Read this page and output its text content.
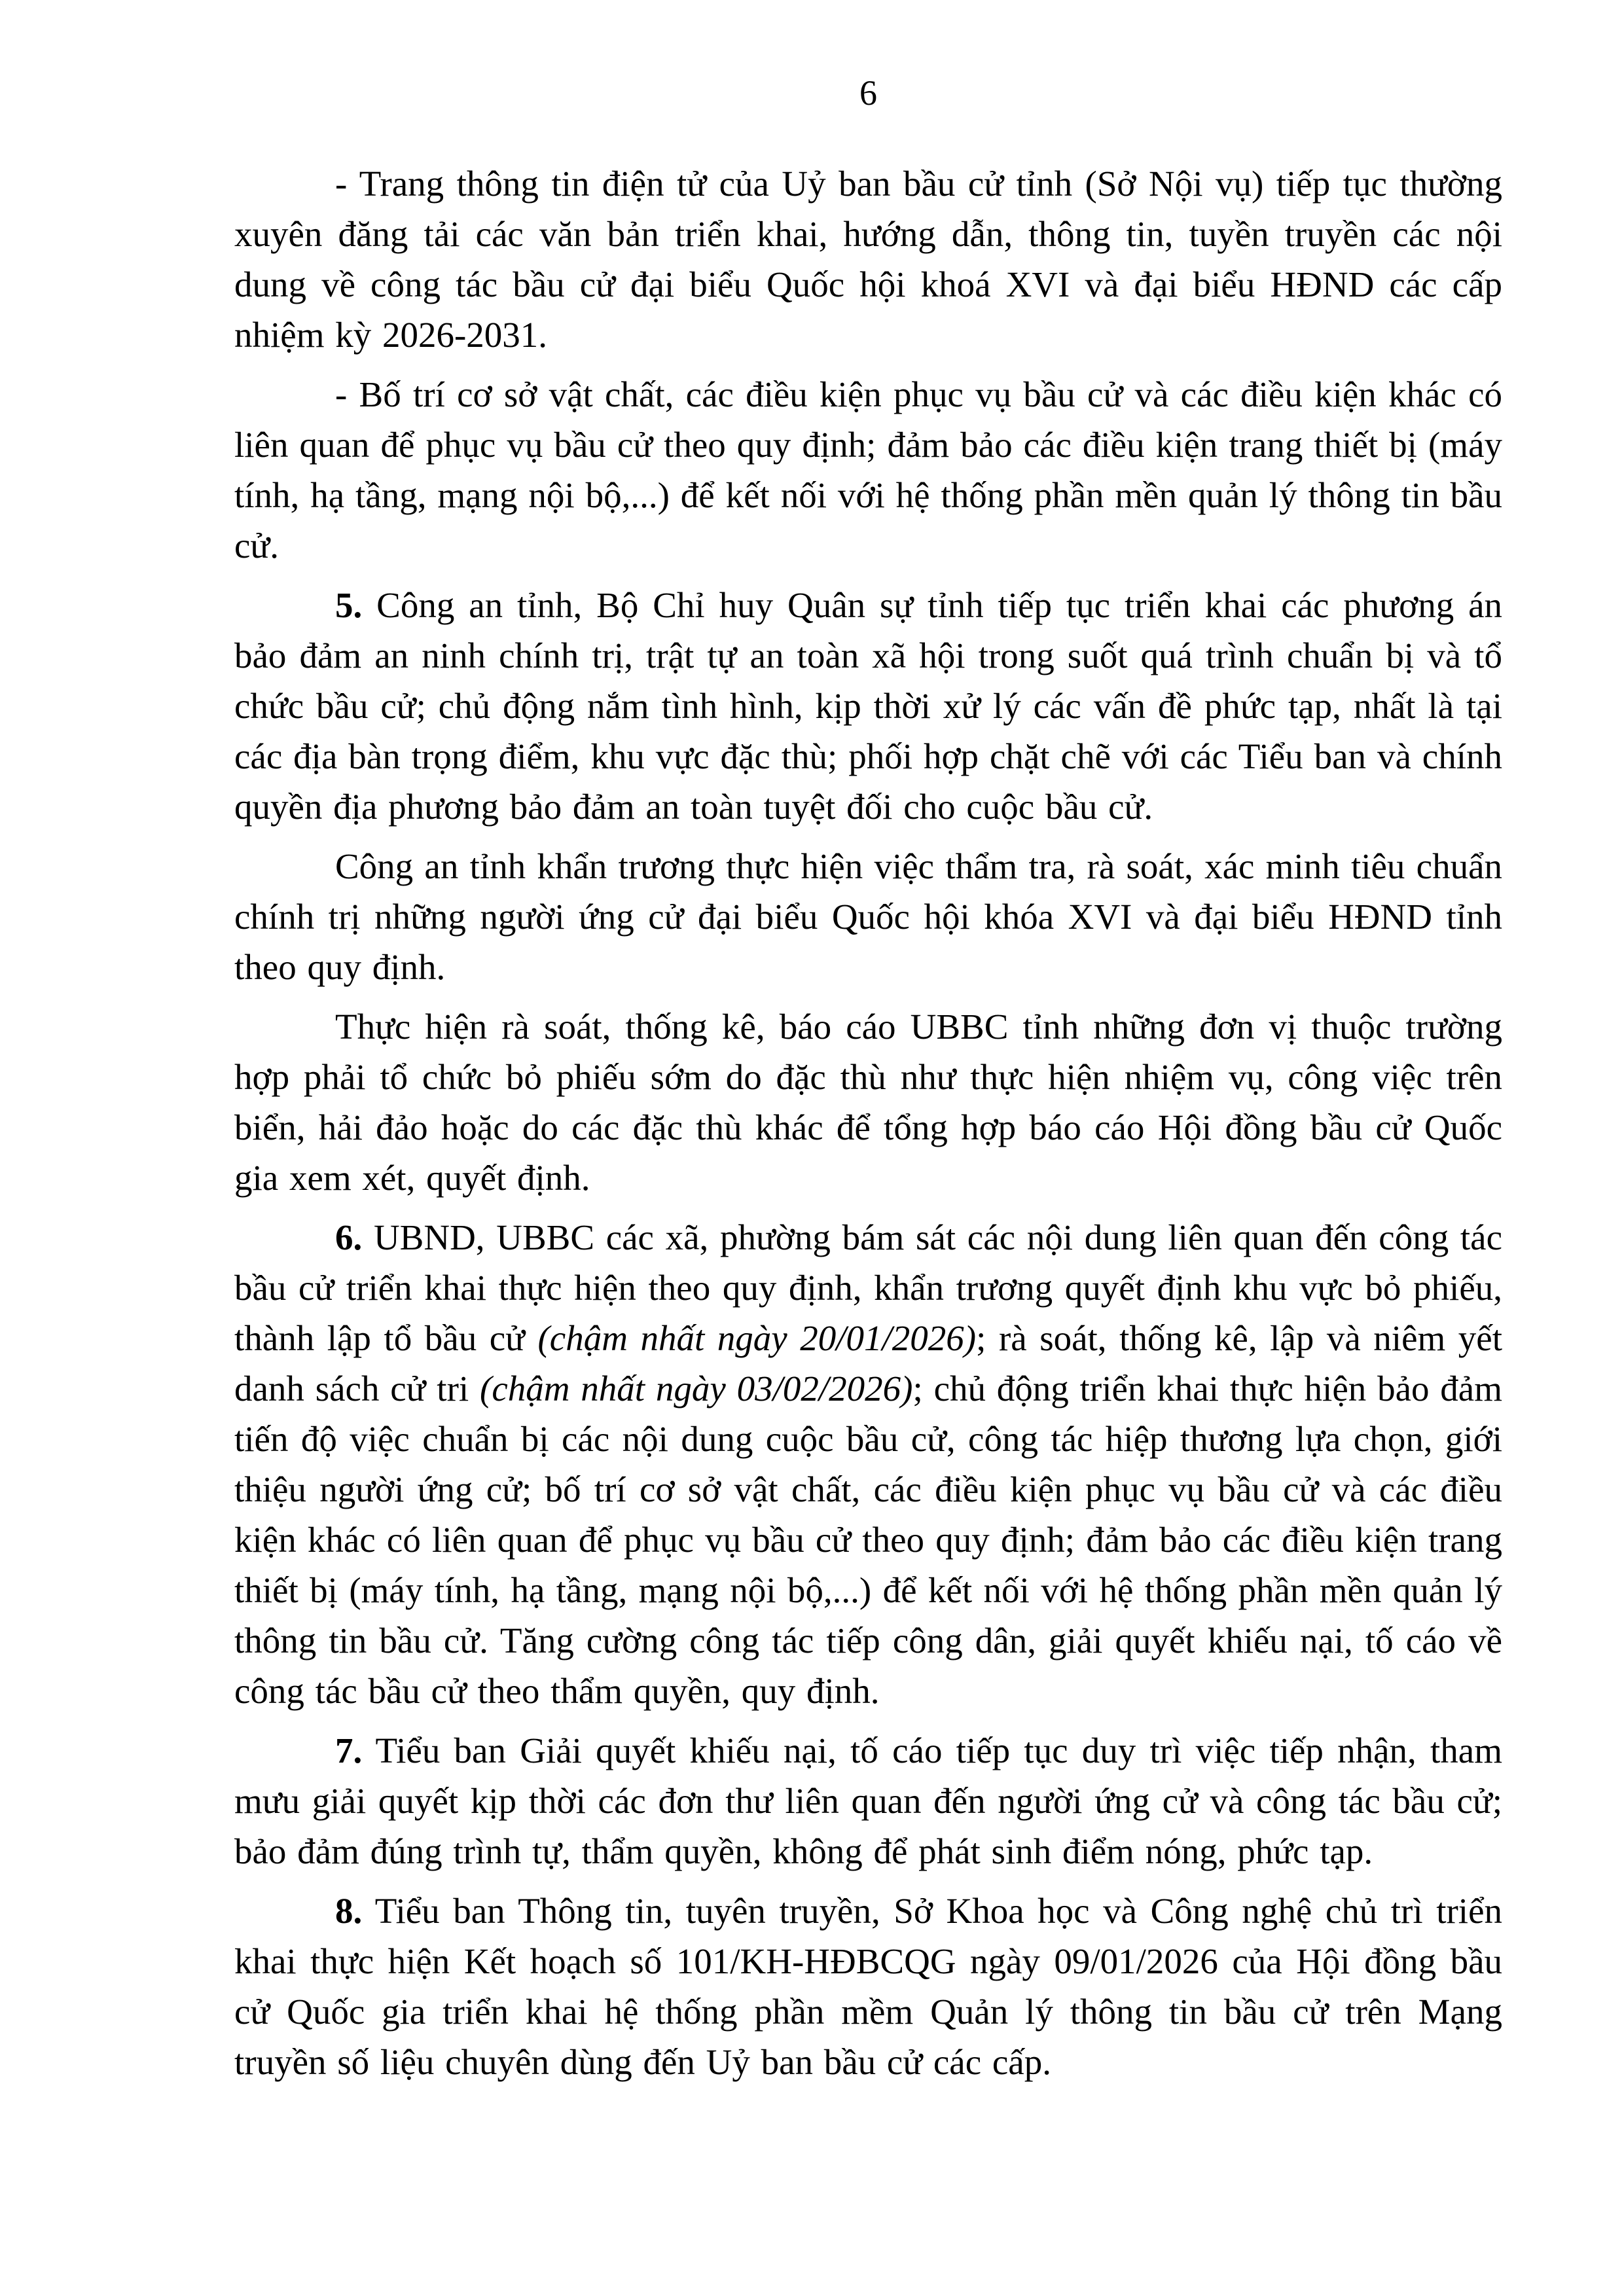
6

- Trang thông tin điện tử của Uỷ ban bầu cử tỉnh (Sở Nội vụ) tiếp tục thường xuyên đăng tải các văn bản triển khai, hướng dẫn, thông tin, tuyền truyền các nội dung về công tác bầu cử đại biểu Quốc hội khoá XVI và đại biểu HĐND các cấp nhiệm kỳ 2026-2031.

- Bố trí cơ sở vật chất, các điều kiện phục vụ bầu cử và các điều kiện khác có liên quan để phục vụ bầu cử theo quy định; đảm bảo các điều kiện trang thiết bị (máy tính, hạ tầng, mạng nội bộ,...) để kết nối với hệ thống phần mền quản lý thông tin bầu cử.

5. Công an tỉnh, Bộ Chỉ huy Quân sự tỉnh tiếp tục triển khai các phương án bảo đảm an ninh chính trị, trật tự an toàn xã hội trong suốt quá trình chuẩn bị và tổ chức bầu cử; chủ động nắm tình hình, kịp thời xử lý các vấn đề phức tạp, nhất là tại các địa bàn trọng điểm, khu vực đặc thù; phối hợp chặt chẽ với các Tiểu ban và chính quyền địa phương bảo đảm an toàn tuyệt đối cho cuộc bầu cử.

Công an tỉnh khẩn trương thực hiện việc thẩm tra, rà soát, xác minh tiêu chuẩn chính trị những người ứng cử đại biểu Quốc hội khóa XVI và đại biểu HĐND tỉnh theo quy định.

Thực hiện rà soát, thống kê, báo cáo UBBC tỉnh những đơn vị thuộc trường hợp phải tổ chức bỏ phiếu sớm do đặc thù như thực hiện nhiệm vụ, công việc trên biển, hải đảo hoặc do các đặc thù khác để tổng hợp báo cáo Hội đồng bầu cử Quốc gia xem xét, quyết định.

6. UBND, UBBC các xã, phường bám sát các nội dung liên quan đến công tác bầu cử triển khai thực hiện theo quy định, khẩn trương quyết định khu vực bỏ phiếu, thành lập tổ bầu cử (chậm nhất ngày 20/01/2026); rà soát, thống kê, lập và niêm yết danh sách cử tri (chậm nhất ngày 03/02/2026); chủ động triển khai thực hiện bảo đảm tiến độ việc chuẩn bị các nội dung cuộc bầu cử, công tác hiệp thương lựa chọn, giới thiệu người ứng cử; bố trí cơ sở vật chất, các điều kiện phục vụ bầu cử và các điều kiện khác có liên quan để phục vụ bầu cử theo quy định; đảm bảo các điều kiện trang thiết bị (máy tính, hạ tầng, mạng nội bộ,...) để kết nối với hệ thống phần mền quản lý thông tin bầu cử. Tăng cường công tác tiếp công dân, giải quyết khiếu nại, tố cáo về công tác bầu cử theo thẩm quyền, quy định.

7. Tiểu ban Giải quyết khiếu nại, tố cáo tiếp tục duy trì việc tiếp nhận, tham mưu giải quyết kịp thời các đơn thư liên quan đến người ứng cử và công tác bầu cử; bảo đảm đúng trình tự, thẩm quyền, không để phát sinh điểm nóng, phức tạp.

8. Tiểu ban Thông tin, tuyên truyền, Sở Khoa học và Công nghệ chủ trì triển khai thực hiện Kết hoạch số 101/KH-HĐBCQG ngày 09/01/2026 của Hội đồng bầu cử Quốc gia triển khai hệ thống phần mềm Quản lý thông tin bầu cử trên Mạng truyền số liệu chuyên dùng đến Uỷ ban bầu cử các cấp.
